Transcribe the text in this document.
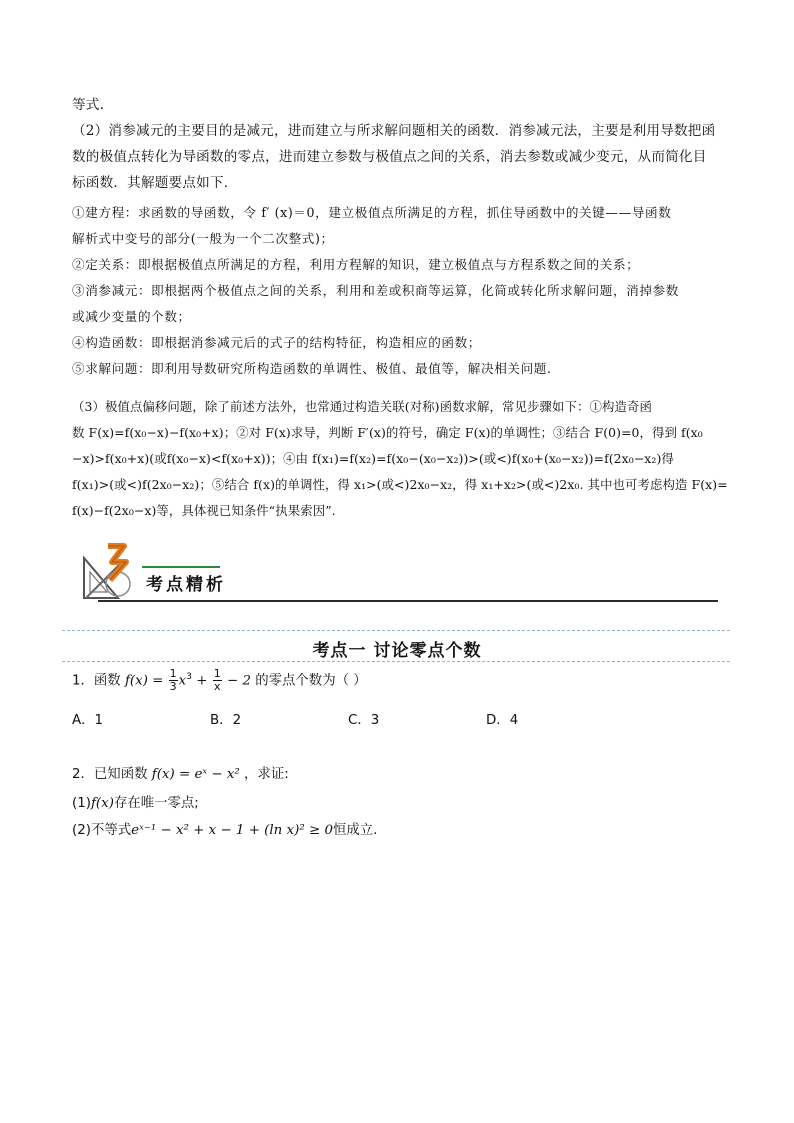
等式.
（2）消参减元的主要目的是减元，进而建立与所求解问题相关的函数．消参减元法，主要是利用导数把函
数的极值点转化为导函数的零点，进而建立参数与极值点之间的关系，消去参数或减少变元，从而简化目
标函数．其解题要点如下．
①建方程：求函数的导函数，令 f′ (x)＝0，建立极值点所满足的方程，抓住导函数中的关键——导函数
解析式中变号的部分(一般为一个二次整式)；
②定关系：即根据极值点所满足的方程，利用方程解的知识，建立极值点与方程系数之间的关系；
③消参减元：即根据两个极值点之间的关系，利用和差或积商等运算，化简或转化所求解问题，消掉参数
或减少变量的个数；
④构造函数：即根据消参减元后的式子的结构特征，构造相应的函数；
⑤求解问题：即利用导数研究所构造函数的单调性、极值、最值等，解决相关问题.
（3）极值点偏移问题，除了前述方法外，也常通过构造关联(对称)函数求解，常见步骤如下：①构造奇函
数 F(x)=f(x₀−x)−f(x₀+x)；②对 F(x)求导，判断 F′(x)的符号，确定 F(x)的单调性；③结合 F(0)=0，得到 f(x₀
−x)>f(x₀+x)(或f(x₀−x)<f(x₀+x))；④由 f(x₁)=f(x₂)=f(x₀−(x₀−x₂))>(或<)f(x₀+(x₀−x₂))=f(2x₀−x₂)得
f(x₁)>(或<)f(2x₀−x₂)；⑤结合 f(x)的单调性，得 x₁>(或<)2x₀−x₂，得 x₁+x₂>(或<)2x₀. 其中也可考虑构造 F(x)=
f(x)−f(2x₀−x)等，具体视已知条件“执果索因”.
考点精析
考点一 讨论零点个数
1．函数 $f(x) = \frac{1}{3} x^3 + \frac{1}{x} - 2$ 的零点个数为（ ）
A．1	B．2	C．3	D．4
2．已知函数 f(x) = eˣ − x² ，求证:
(1)f(x)存在唯一零点;
(2)不等式eˣ⁻¹ − x² + x − 1 + (ln x)² ≥ 0恒成立.
